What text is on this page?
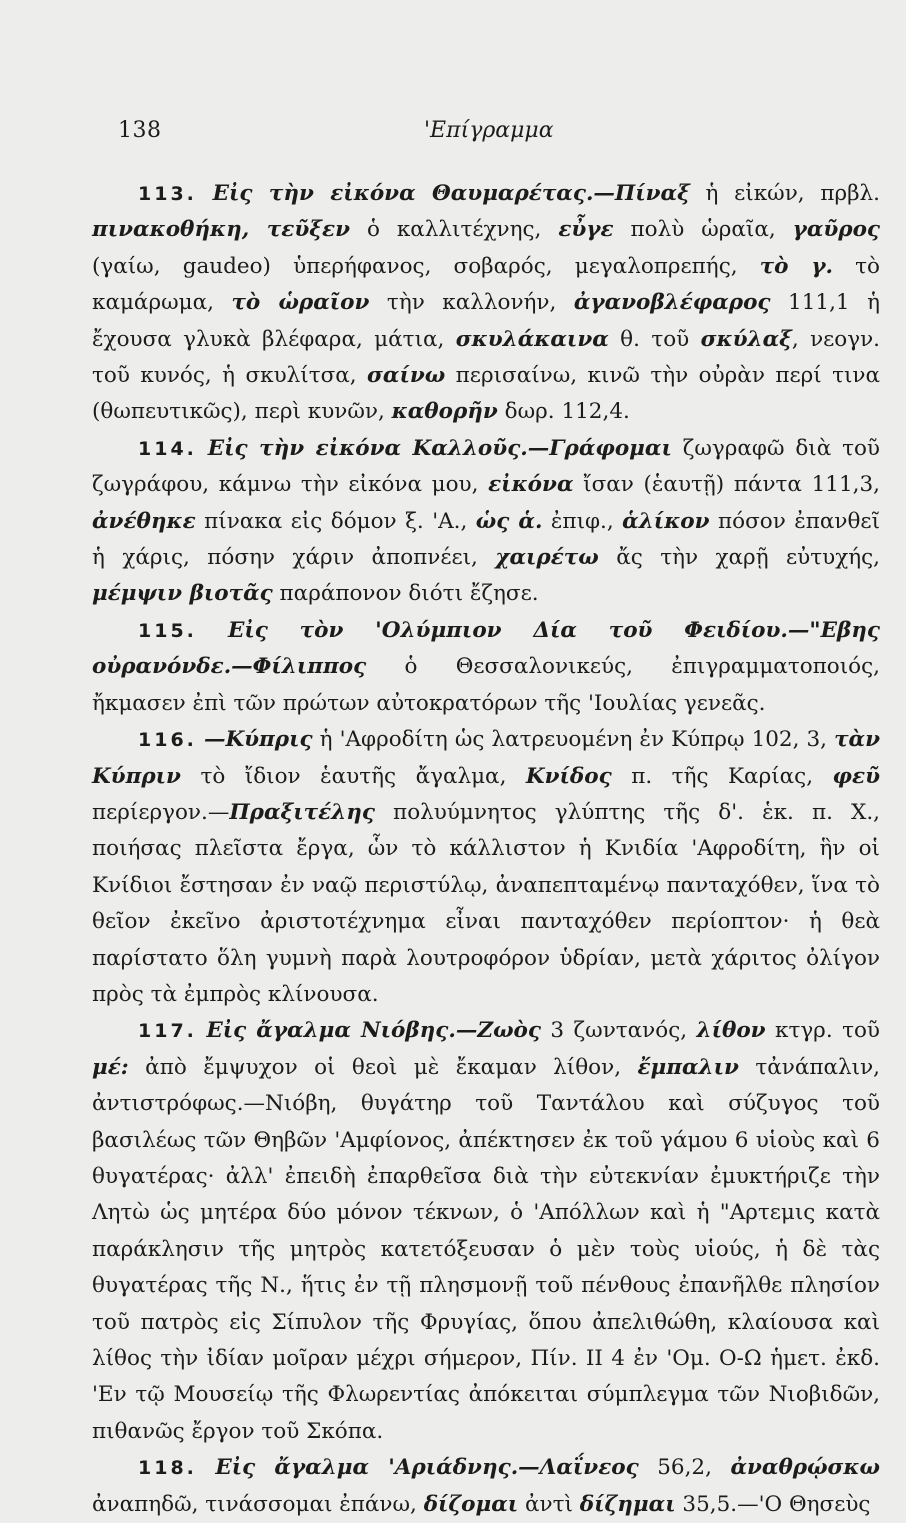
138	'Επίγραμμα

113. Εἰς τὴν εἰκόνα Θαυμαρέτας.—Πίναξ ἡ εἰκών, πρβλ. πινακοθήκη, τεῦξεν ὁ καλλιτέχνης, εὖγε πολὺ ὡραῖα, γαῦρος (γαίω, gaudeo) ὑπερήφανος, σοβαρός, μεγαλοπρεπής, τὸ γ. τὸ καμάρωμα, τὸ ὡραῖον τὴν καλλονήν, ἀγανοβλέφαρος 111,1 ἡ ἔχουσα γλυκὰ βλέφαρα, μάτια, σκυλάκαινα θ. τοῦ σκύλαξ, νεογν. τοῦ κυνός, ἡ σκυλίτσα, σαίνω περισαίνω, κινῶ τὴν οὐρὰν περί τινα (θωπευτικῶς), περὶ κυνῶν, καθορῆν δωρ. 112,4.

114. Εἰς τὴν εἰκόνα Καλλοῦς.—Γράφομαι ζωγραφῶ διὰ τοῦ ζωγράφου, κάμνω τὴν εἰκόνα μου, εἰκόνα ἴσαν (ἑαυτῇ) πάντα 111,3, ἀνέθηκε πίνακα εἰς δόμον ξ. 'Α., ὡς ἁ. ἐπιφ., ἁλίκον πόσον ἐπανθεῖ ἡ χάρις, πόσην χάριν ἀποπνέει, χαιρέτω ἄς τὴν χαρῇ εὐτυχής, μέμψιν βιοτᾶς παράπονον διότι ἔζησε.

115. Εἰς τὸν 'Ολύμπιον Δία τοῦ Φειδίου.—"Εβης οὐρανόνδε.—Φίλιππος ὁ Θεσσαλονικεύς, ἐπιγραμματοποιός, ἤκμασεν ἐπὶ τῶν πρώτων αὐτοκρατόρων τῆς 'Ιουλίας γενεᾶς.

116. —Κύπρις ἡ 'Αφροδίτη ὡς λατρευομένη ἐν Κύπρῳ 102, 3, τὰν Κύπριν τὸ ἴδιον ἑαυτῆς ἄγαλμα, Κνίδος π. τῆς Καρίας, φεῦ περίεργον.—Πραξιτέλης πολυύμνητος γλύπτης τῆς δ'. ἑκ. π. Χ., ποιήσας πλεῖστα ἔργα, ὧν τὸ κάλλιστον ἡ Κνιδία 'Αφροδίτη, ἣν οἱ Κνίδιοι ἔστησαν ἐν ναῷ περιστύλῳ, ἀναπεπταμένῳ πανταχόθεν, ἵνα τὸ θεῖον ἐκεῖνο ἀριστοτέχνημα εἶναι πανταχόθεν περίοπτον· ἡ θεὰ παρίστατο ὅλη γυμνὴ παρὰ λουτροφόρον ὑδρίαν, μετὰ χάριτος ὀλίγον πρὸς τὰ ἐμπρὸς κλίνουσα.

117. Εἰς ἄγαλμα Νιόβης.—Ζωὸς 3 ζωντανός, λίθον κτγρ. τοῦ μέ: ἀπὸ ἔμψυχον οἱ θεοὶ μὲ ἔκαμαν λίθον, ἔμπαλιν τἀνάπαλιν, ἀντιστρόφως.—Νιόβη, θυγάτηρ τοῦ Ταντάλου καὶ σύζυγος τοῦ βασιλέως τῶν Θηβῶν 'Αμφίονος, ἀπέκτησεν ἐκ τοῦ γάμου 6 υἱοὺς καὶ 6 θυγατέρας· ἀλλ' ἐπειδὴ ἐπαρθεῖσα διὰ τὴν εὐτεκνίαν ἐμυκτήριζε τὴν Λητὼ ὡς μητέρα δύο μόνον τέκνων, ὁ 'Απόλλων καὶ ἡ "Αρτεμις κατὰ παράκλησιν τῆς μητρὸς κατετόξευσαν ὁ μὲν τοὺς υἱούς, ἡ δὲ τὰς θυγατέρας τῆς Ν., ἥτις ἐν τῇ πλησμονῇ τοῦ πένθους ἐπανῆλθε πλησίον τοῦ πατρὸς εἰς Σίπυλον τῆς Φρυγίας, ὅπου ἀπελιθώθη, κλαίουσα καὶ λίθος τὴν ἰδίαν μοῖραν μέχρι σήμερον, Πίν. ΙΙ 4 ἐν 'Ομ. Ο-Ω ἡμετ. ἐκδ. 'Εν τῷ Μουσείῳ τῆς Φλωρεντίας ἀπόκειται σύμπλεγμα τῶν Νιοβιδῶν, πιθανῶς ἔργον τοῦ Σκόπα.

118. Εἰς ἄγαλμα 'Αριάδνης.—Λαΐνεος 56,2, ἀναθρῴσκω ἀναπηδῶ, τινάσσομαι ἐπάνω, δίζομαι ἀντὶ δίζημαι 35,5.—'Ο Θησεὺς
